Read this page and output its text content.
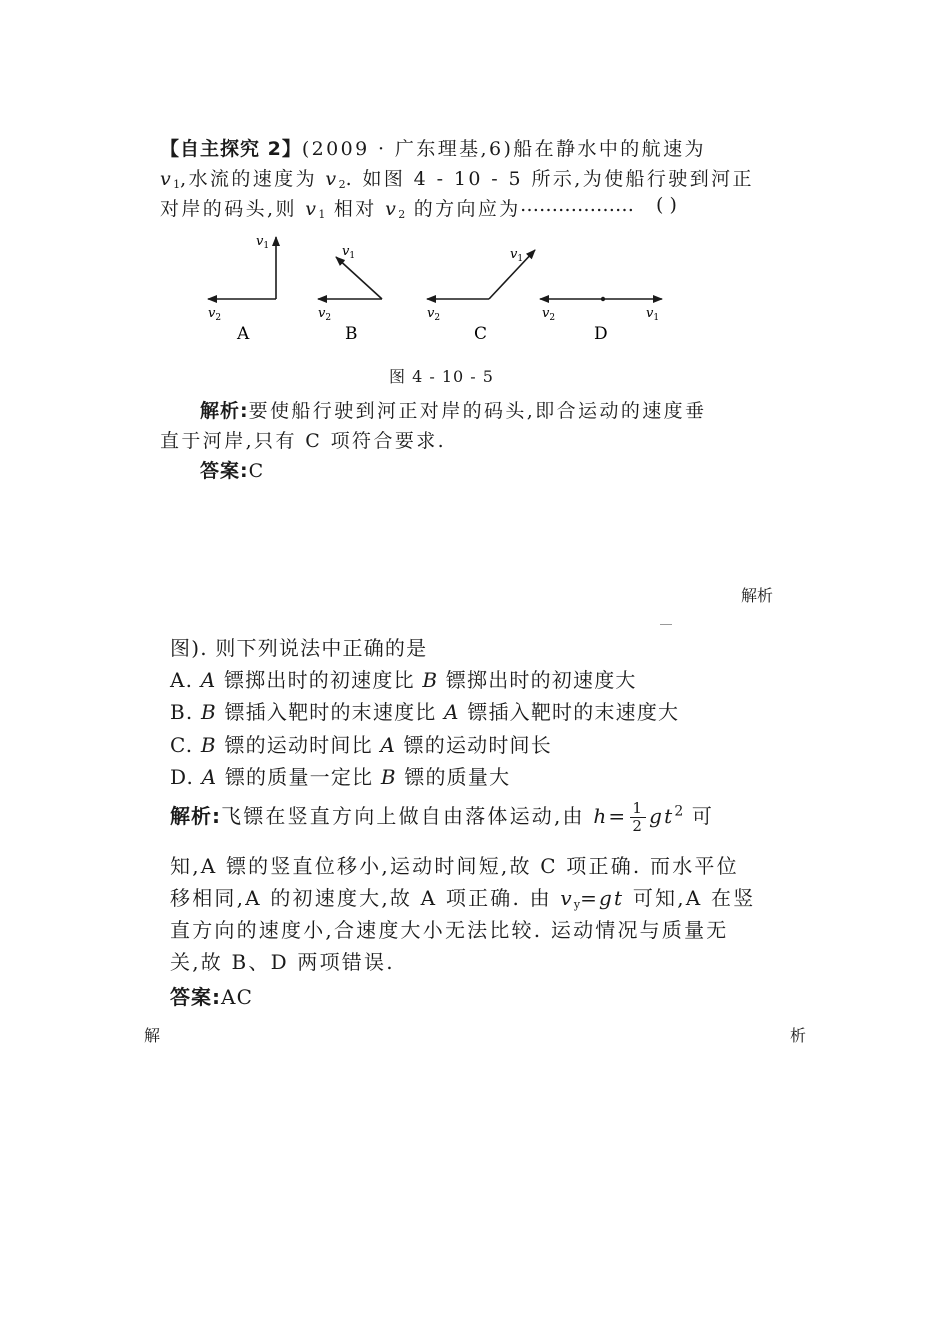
【自主探究 2】(2009 · 广东理基,6)船在静水中的航速为
$v_1$,水流的速度为 $v_2$. 如图 4 - 10 - 5 所示,为使船行驶到河正
对岸的码头,则 $v_1$ 相对 $v_2$ 的方向应为 ……………… ( )
$v_1$
$v_2$
A
$v_1$
$v_2$
B
$v_1$
$v_2$
C
$v_2$	$v_1$
D
图 4 - 10 - 5
解析:要使船行驶到河正对岸的码头,即合运动的速度垂
直于河岸,只有 C 项符合要求.
答案:C
解析
图). 则下列说法中正确的是
A. A 镖掷出时的初速度比 B 镖掷出时的初速度大
B. B 镖插入靶时的末速度比 A 镖插入靶时的末速度大
C. B 镖的运动时间比 A 镖的运动时间长
D. A 镖的质量一定比 B 镖的质量大
解析:飞镖在竖直方向上做自由落体运动,由 $h= \frac{1}{2} gt^2$ 可
知,A 镖的竖直位移小,运动时间短,故 C 项正确. 而水平位
移相同,A 的初速度大,故 A 项正确. 由 $v_y=gt$ 可知,A 在竖
直方向的速度小,合速度大小无法比较. 运动情况与质量无
关,故 B、D 两项错误.
答案:AC
解	析
